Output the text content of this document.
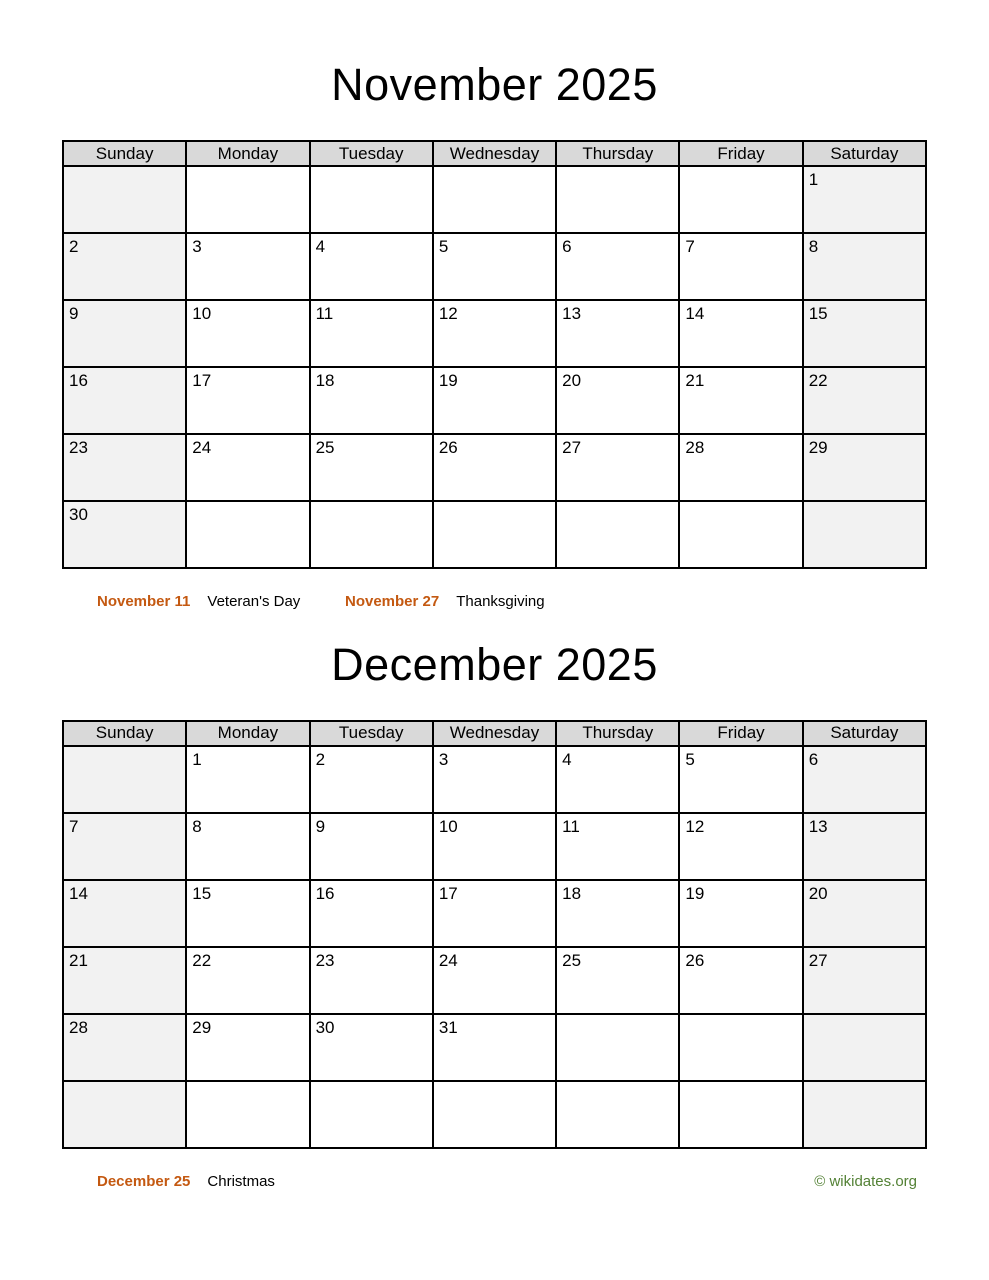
November 2025
Sunday	Monday	Tuesday	Wednesday	Thursday	Friday	Saturday
						1
2	3	4	5	6	7	8
9	10	11	12	13	14	15
16	17	18	19	20	21	22
23	24	25	26	27	28	29
30						
November 11 Veteran's Day	November 27 Thanksgiving
December 2025
Sunday	Monday	Tuesday	Wednesday	Thursday	Friday	Saturday
	1	2	3	4	5	6
7	8	9	10	11	12	13
14	15	16	17	18	19	20
21	22	23	24	25	26	27
28	29	30	31			

December 25 Christmas	© wikidates.org
